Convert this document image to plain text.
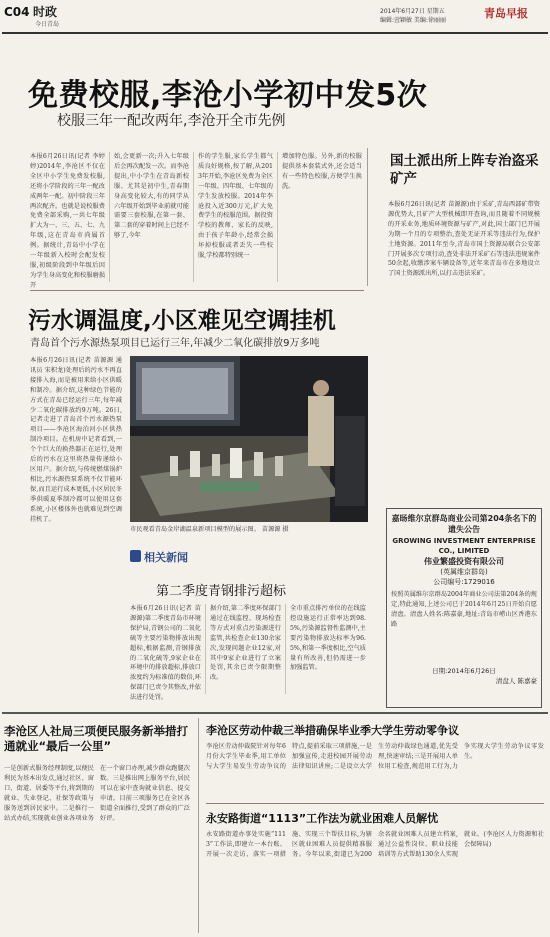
C04 时政
今日青岛
2014年6月27日 星期五
编辑:萱颖敏 美编:徐丽丽
青岛早报
免费校服,李沧小学初中发5次
校服三年一配改两年,李沧开全市先例
本报6月26日讯(记者 李婷婷)2014年,李沧区不仅在全区中小学生免费发校服,还将小学阶段的三年一配改成两年一配。初中阶段三年两次配齐。也就是说校服费免费全部采购,一共七年级扩大为一、三、五、七、九年级,这在青岛市尚属首例。据统计,青岛中小学在一年级新入校时会配发校服,初级阶段到中年级后因为学生身高变化和校服磨损开
始,会更新一次;升入七年级后会再次配发一次。而李沧提出,中小学生在青岛新校服、尤其是初中生,青春期身高变化较大,有的同学从六年级开始到毕业前就可能需要三套校服,在第一套、第二套的穿着时间上已经不够了,今年
作的学生服,家长学生都气质良好规格,按了解,从2013年开始,李沧区免费为全区一年级、四年级、七年级的学生发放校服。2014年李沧投入近300万元,扩大免费学生的校服范围。据投资学校的教师、家长的反映,由于孩子年龄小,经常会损坏掉校服或者丢失一些校服,学校都特别统一
增加特色服。另外,新的校服提供基本套装式外,还会适当有一些特色校服,方便学生换洗。
国土派出所上阵专治盗采矿产
本报6月26日讯(记者 苗源源)由于采矿,青岛西部矿带资源优势大,且矿产大型机械即开查询,而且随着不同规模的开采业务,地质环境资源与矿产,对此,国土部门已开展为期一个月的专项整治,查处无证开采等违法行为,保护土地资源。2011年至今,青岛市国土资源局联合公安部门开展多次专项行动,查处非法开采矿石等违法违规案件50余起,收缴涉案车辆设备等,近年来青岛市在多地设立了国土资源派出所,以打击违法采矿。
污水调温度,小区难见空调挂机
青岛首个污水源热泵项目已运行三年,年减少二氧化碳排放9万多吨
本报6月26日讯(记者 苗源源 通讯员 宋积龙)处理后的污水不再直接排入海,而是被用来给小区供暖和制冷。据介绍,这种绿色节能的方式在青岛已经运行三年,每年减少二氧化碳排放约9万吨。26日,记者走进了青岛首个污水源热泵项目——李沧区海泊河小区供热制冷项目。在机房中记者看到,一个个巨大的换热器正在运行,处理后的污水在这里将热量传递给小区用户。据介绍,与传统燃煤锅炉相比,污水源热泵系统不仅节能环保,而且运行成本更低,小区居民冬季供暖夏季制冷都可以使用这套系统,小区楼体外也就难见到空调挂机了。
市民观看青岛金岸湖温泉新项目模型的展示图。 苗源源 摄
相关新闻
第二季度青钢排污超标
本报6月26日讯(记者 苗源源)第二季度青岛市环境保护局,青钢公司的二氧化硫等主要污染物排放出现超标,根据监测,青钢排放的二氧化硫等,9家企业在环境中的排放超标,排放口浓度约为标准值的数倍,环保部门已责令其整改,并依法进行处罚。
据介绍,第二季度环保部门通过在线监控、现场检查等方式对重点污染源进行监管,共检查企业130余家次,发现问题企业12家,对其中9家企业进行了立案处罚,其余已责令限期整改。
全市重点排污单位的在线监控设施运行正常率达到98.5%,污染源监督性监测中,主要污染物排放达标率为96.5%,和第一季度相比,空气质量有所改善,但仍需进一步加强监管。
嘉旸维尔京群岛商业公司第204条名下的遗失公告
GROWING INVESTMENT ENTERPRISE CO., LIMITED
伟业繁盛投资有限公司
(英属维京群岛)
公司编号:1729016
按照英属维尔京群岛2004年商业公司法第204条的规定,特此通知,上述公司已于2014年6月25日开始自愿清盘。清盘人姓名:陈嘉豪,地址:青岛市崂山区香港东路
日期:2014年6月26日
清盘人 陈嘉豪
李沧区人社局三项便民服务新举措打通就业“最后一公里”
一是创新式服务经理制度,以便民利民为基本出发点,通过社区、窗口、街道、居委等平台,将到期的就业、失业登记、社保等政策与服务送到居民家中。二是推行一站式办结,实现就业创业各项业务在一个窗口办理,减少群众跑腿次数。三是推出网上服务平台,居民可以在家中查询就业信息、提交申请。目前三项服务已在全区各街道全面推行,受到了群众的广泛好评。
李沧区劳动仲裁三举措确保毕业季大学生劳动零争议
李沧区劳动仲裁院针对每年6月份大学生毕业季,用工单位与大学生易发生劳动争议的特点,提前采取三项措施,一是加强宣传,走进校园开展劳动法律知识讲座;二是设立大学生劳动仲裁绿色通道,优先受理,快速审结;三是开展用人单位用工检查,规范用工行为,力争实现大学生劳动争议零发生。
永安路街道“1113”工作法为就业困难人员解忧
永安路街道办事处实施“1113”工作法,即建立一本台账、开展一次走访、落实一项措施、实现三个帮扶目标,为辖区就业困难人员提供精准服务。今年以来,街道已为200余名就业困难人员建立档案,通过公益性岗位、职业技能培训等方式帮助130余人实现就业。(李沧区人力资源和社会保障局)
